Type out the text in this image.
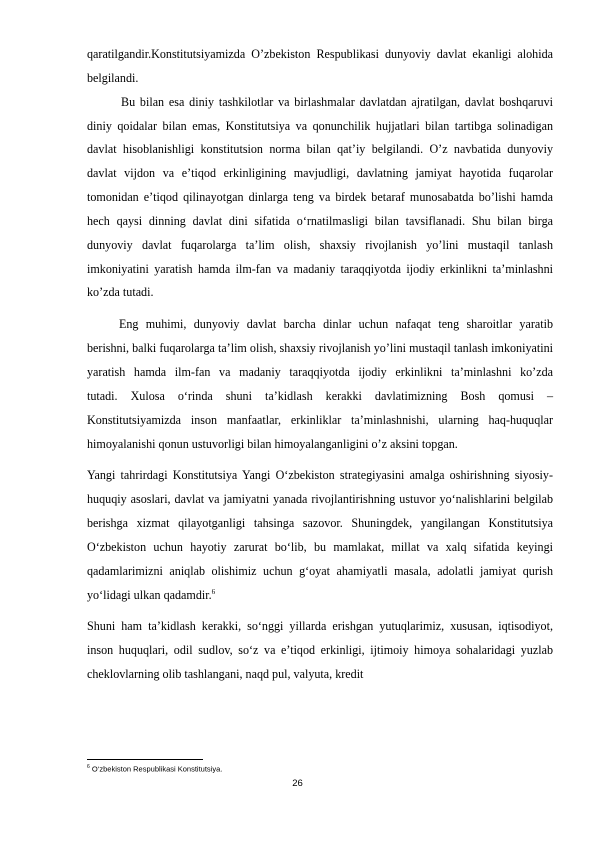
qaratilgandir.Konstitutsiyamizda Oʼzbekiston Respublikasi dunyoviy davlat ekanligi alohida belgilandi.

Bu bilan esa diniy tashkilotlar va birlashmalar davlatdan ajratilgan, davlat boshqaruvi diniy qoidalar bilan emas, Konstitutsiya va qonunchilik hujjatlari bilan tartibga solinadigan davlat hisoblanishligi konstitutsion norma bilan qatʼiy belgilandi. Oʼz navbatida dunyoviy davlat vijdon va eʼtiqod erkinligining mavjudligi, davlatning jamiyat hayotida fuqarolar tomonidan eʼtiqod qilinayotgan dinlarga teng va birdek betaraf munosabatda boʼlishi hamda hech qaysi dinning davlat dini sifatida oʻrnatilmasligi bilan tavsiflanadi. Shu bilan birga dunyoviy davlat fuqarolarga taʼlim olish, shaxsiy rivojlanish yoʼlini mustaqil tanlash imkoniyatini yaratish hamda ilm-fan va madaniy taraqqiyotda ijodiy erkinlikni taʼminlashni koʼzda tutadi.

Eng muhimi, dunyoviy davlat barcha dinlar uchun nafaqat teng sharoitlar yaratib berishni, balki fuqarolarga taʼlim olish, shaxsiy rivojlanish yoʼlini mustaqil tanlash imkoniyatini yaratish hamda ilm-fan va madaniy taraqqiyotda ijodiy erkinlikni taʼminlashni koʼzda tutadi. Xulosa oʻrinda shuni taʼkidlash kerakki davlatimizning Bosh qomusi – Konstitutsiyamizda inson manfaatlar, erkinliklar taʼminlashnishi, ularning haq-huquqlar himoyalanishi qonun ustuvorligi bilan himoyalanganligini oʼz aksini topgan.

Yangi tahrirdagi Konstitutsiya Yangi O‘zbekiston strategiyasini amalga oshirishning siyosiy-huquqiy asoslari, davlat va jamiyatni yanada rivojlantirishning ustuvor yo‘nalishlarini belgilab berishga xizmat qilayotganligi tahsinga sazovor. Shuningdek, yangilangan Konstitutsiya O‘zbekiston uchun hayotiy zarurat bo‘lib, bu mamlakat, millat va xalq sifatida keyingi qadamlarimizni aniqlab olishimiz uchun g‘oyat ahamiyatli masala, adolatli jamiyat qurish yo‘lidagi ulkan qadamdir.$^6$

Shuni ham ta’kidlash kerakki, so‘nggi yillarda erishgan yutuqlarimiz, xususan, iqtisodiyot, inson huquqlari, odil sudlov, so‘z va e’tiqod erkinligi, ijtimoiy himoya sohalaridagi yuzlab cheklovlarning olib tashlangani, naqd pul, valyuta, kredit

$^6$ O‘zbekiston Respublikasi Konstitutsiya.
26
